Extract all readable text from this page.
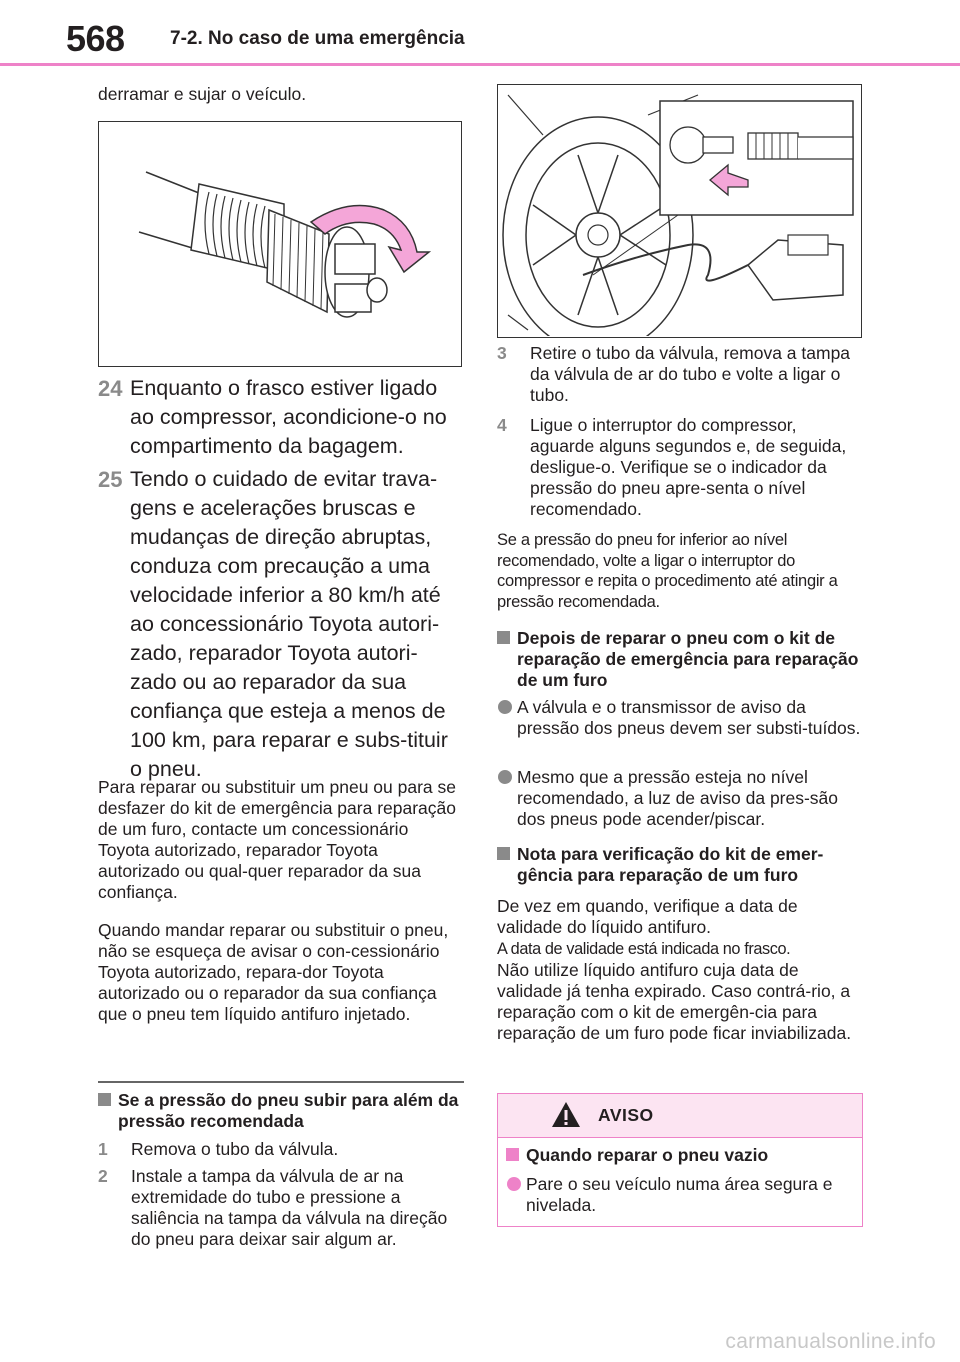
568 7-2. No caso de uma emergência
derramar e sujar o veículo.
24 Enquanto o frasco estiver ligado ao compressor, acondicione-o no compartimento da bagagem.
25 Tendo o cuidado de evitar trava-gens e acelerações bruscas e mudanças de direção abruptas, conduza com precaução a uma velocidade inferior a 80 km/h até ao concessionário Toyota autori-zado, reparador Toyota autori-zado ou ao reparador da sua confiança que esteja a menos de 100 km, para reparar e subs-tituir o pneu.
Para reparar ou substituir um pneu ou para se desfazer do kit de emergência para reparação de um furo, contacte um concessionário Toyota autorizado, reparador Toyota autorizado ou qual-quer reparador da sua confiança.
Quando mandar reparar ou substituir o pneu, não se esqueça de avisar o con-cessionário Toyota autorizado, repara-dor Toyota autorizado ou o reparador da sua confiança que o pneu tem líquido antifuro injetado.
Se a pressão do pneu subir para além da pressão recomendada
1	Remova o tubo da válvula.
2	Instale a tampa da válvula de ar na extremidade do tubo e pressione a saliência na tampa da válvula na direção do pneu para deixar sair algum ar.
3	Retire o tubo da válvula, remova a tampa da válvula de ar do tubo e volte a ligar o tubo.
4	Ligue o interruptor do compressor, aguarde alguns segundos e, de seguida, desligue-o. Verifique se o indicador da pressão do pneu apre-senta o nível recomendado.
Se a pressão do pneu for inferior ao nível recomendado, volte a ligar o interruptor do compressor e repita o procedimento até atingir a pressão recomendada.
Depois de reparar o pneu com o kit de reparação de emergência para reparação de um furo
A válvula e o transmissor de aviso da pressão dos pneus devem ser substi-tuídos.
Mesmo que a pressão esteja no nível recomendado, a luz de aviso da pres-são dos pneus pode acender/piscar.
Nota para verificação do kit de emer-gência para reparação de um furo
De vez em quando, verifique a data de validade do líquido antifuro.
A data de validade está indicada no frasco.
Não utilize líquido antifuro cuja data de validade já tenha expirado. Caso contrá-rio, a reparação com o kit de emergên-cia para reparação de um furo pode ficar inviabilizada.
AVISO
Quando reparar o pneu vazio
Pare o seu veículo numa área segura e nivelada.
carmanualsonline.info
